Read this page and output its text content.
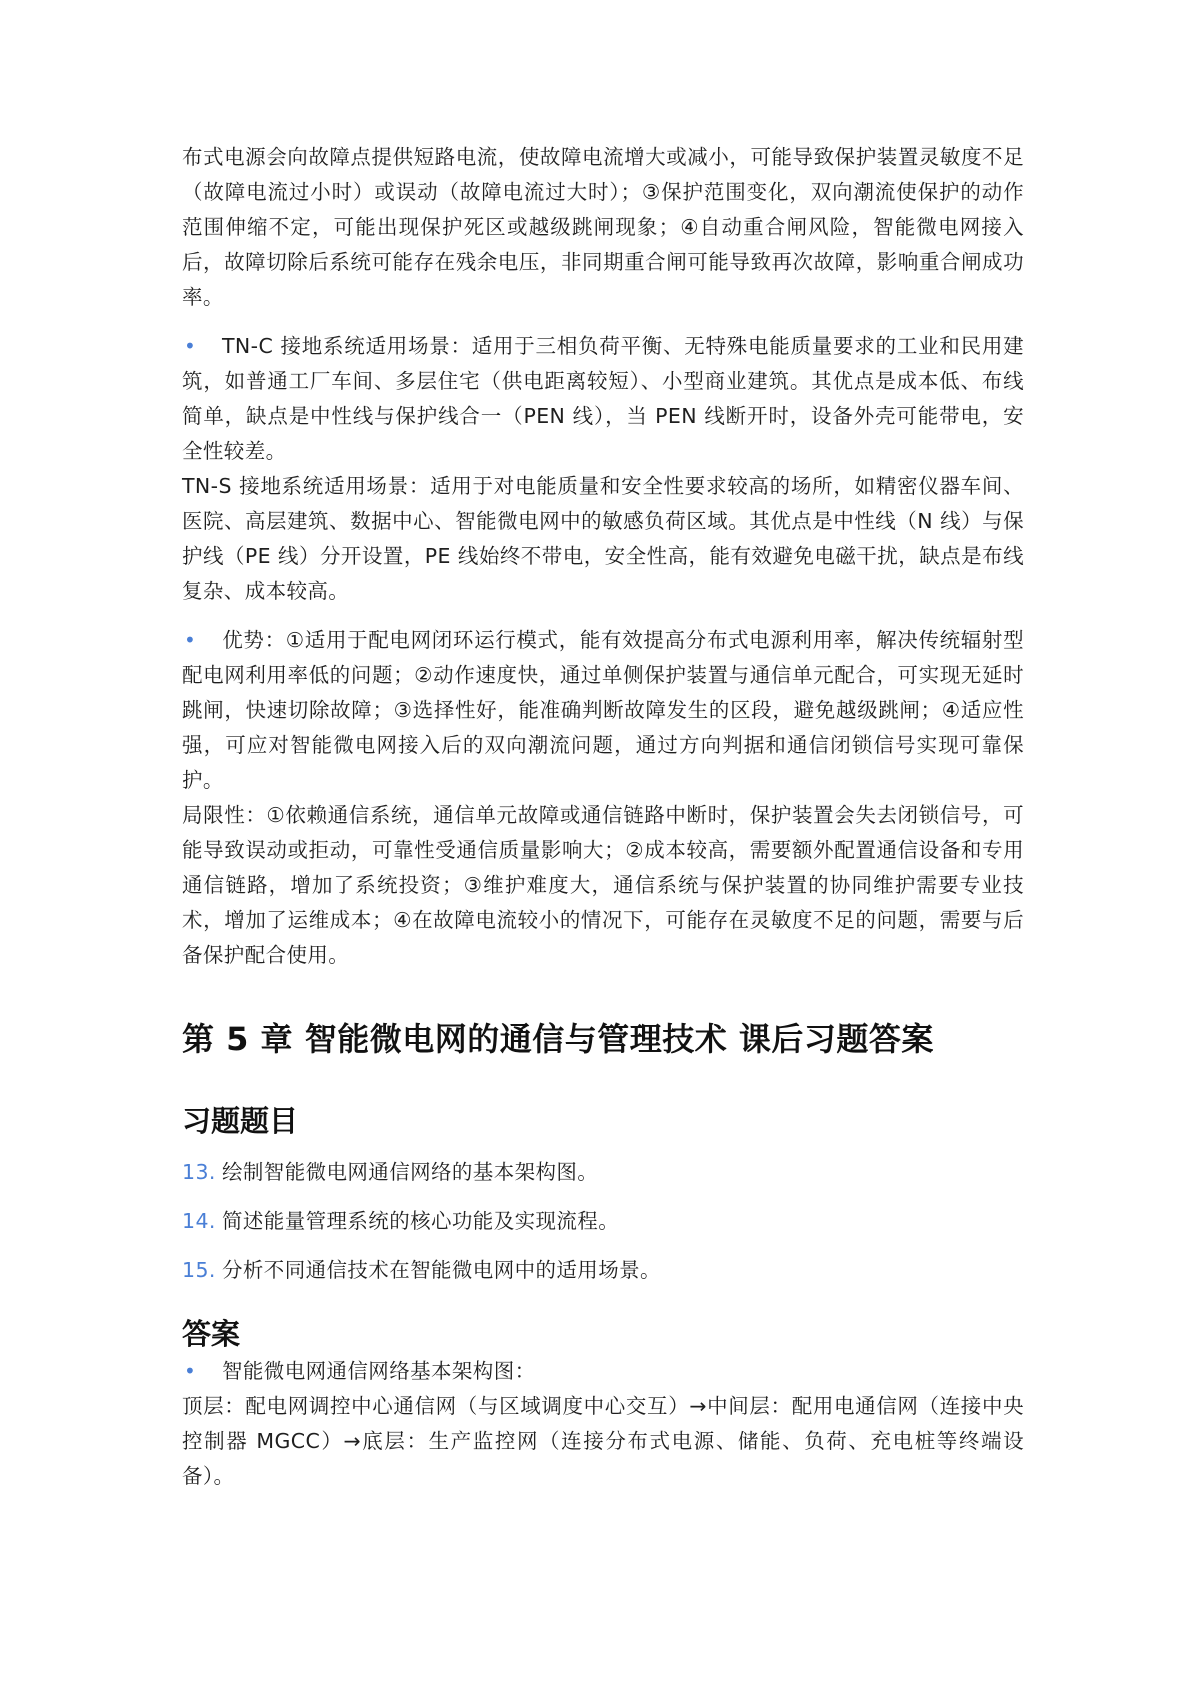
布式电源会向故障点提供短路电流，使故障电流增大或减小，可能导致保护装置灵敏度不足（故障电流过小时）或误动（故障电流过大时）；③保护范围变化，双向潮流使保护的动作范围伸缩不定，可能出现保护死区或越级跳闸现象；④自动重合闸风险，智能微电网接入后，故障切除后系统可能存在残余电压，非同期重合闸可能导致再次故障，影响重合闸成功率。

• TN-C 接地系统适用场景：适用于三相负荷平衡、无特殊电能质量要求的工业和民用建筑，如普通工厂车间、多层住宅（供电距离较短）、小型商业建筑。其优点是成本低、布线简单，缺点是中性线与保护线合一（PEN 线），当 PEN 线断开时，设备外壳可能带电，安全性较差。

TN-S 接地系统适用场景：适用于对电能质量和安全性要求较高的场所，如精密仪器车间、医院、高层建筑、数据中心、智能微电网中的敏感负荷区域。其优点是中性线（N 线）与保护线（PE 线）分开设置，PE 线始终不带电，安全性高，能有效避免电磁干扰，缺点是布线复杂、成本较高。

• 优势：①适用于配电网闭环运行模式，能有效提高分布式电源利用率，解决传统辐射型配电网利用率低的问题；②动作速度快，通过单侧保护装置与通信单元配合，可实现无延时跳闸，快速切除故障；③选择性好，能准确判断故障发生的区段，避免越级跳闸；④适应性强，可应对智能微电网接入后的双向潮流问题，通过方向判据和通信闭锁信号实现可靠保护。

局限性：①依赖通信系统，通信单元故障或通信链路中断时，保护装置会失去闭锁信号，可能导致误动或拒动，可靠性受通信质量影响大；②成本较高，需要额外配置通信设备和专用通信链路，增加了系统投资；③维护难度大，通信系统与保护装置的协同维护需要专业技术，增加了运维成本；④在故障电流较小的情况下，可能存在灵敏度不足的问题，需要与后备保护配合使用。

第 5 章 智能微电网的通信与管理技术 课后习题答案
习题题目
13. 绘制智能微电网通信网络的基本架构图。
14. 简述能量管理系统的核心功能及实现流程。
15. 分析不同通信技术在智能微电网中的适用场景。
答案

• 智能微电网通信网络基本架构图：

顶层：配电网调控中心通信网（与区域调度中心交互）→中间层：配用电通信网（连接中央控制器 MGCC）→底层：生产监控网（连接分布式电源、储能、负荷、充电桩等终端设备）。
